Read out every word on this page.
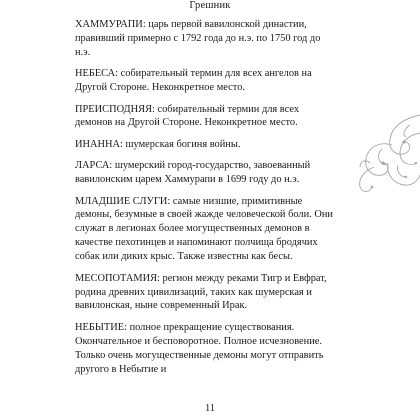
Грешник

ХАММУРАПИ: царь первой вавилонской династии, правивший примерно с 1792 года до н.э. по 1750 год до н.э.

НЕБЕСА: собирательный термин для всех ангелов на Другой Стороне. Неконкретное место.

ПРЕИСПОДНЯЯ: собирательный термин для всех демонов на Другой Стороне. Неконкретное место.

ИНАННА: шумерская богиня войны.

ЛАРСА: шумерский город-государство, завоеванный вавилонским царем Хаммурапи в 1699 году до н.э.

МЛАДШИЕ СЛУГИ: самые низшие, примитивные демоны, безумные в своей жажде человеческой боли. Они служат в легионах более могущественных демонов в качестве пехотинцев и напоминают полчища бродячих собак или диких крыс. Также известны как бесы.

МЕСОПОТАМИЯ: регион между реками Тигр и Евфрат, родина древних цивилизаций, таких как шумерская и вавилонская, ныне современный Ирак.

НЕБЫТИЕ: полное прекращение существования. Окончательное и бесповоротное. Полное исчезновение. Только очень могущественные демоны могут отправить другого в Небытие и

11
